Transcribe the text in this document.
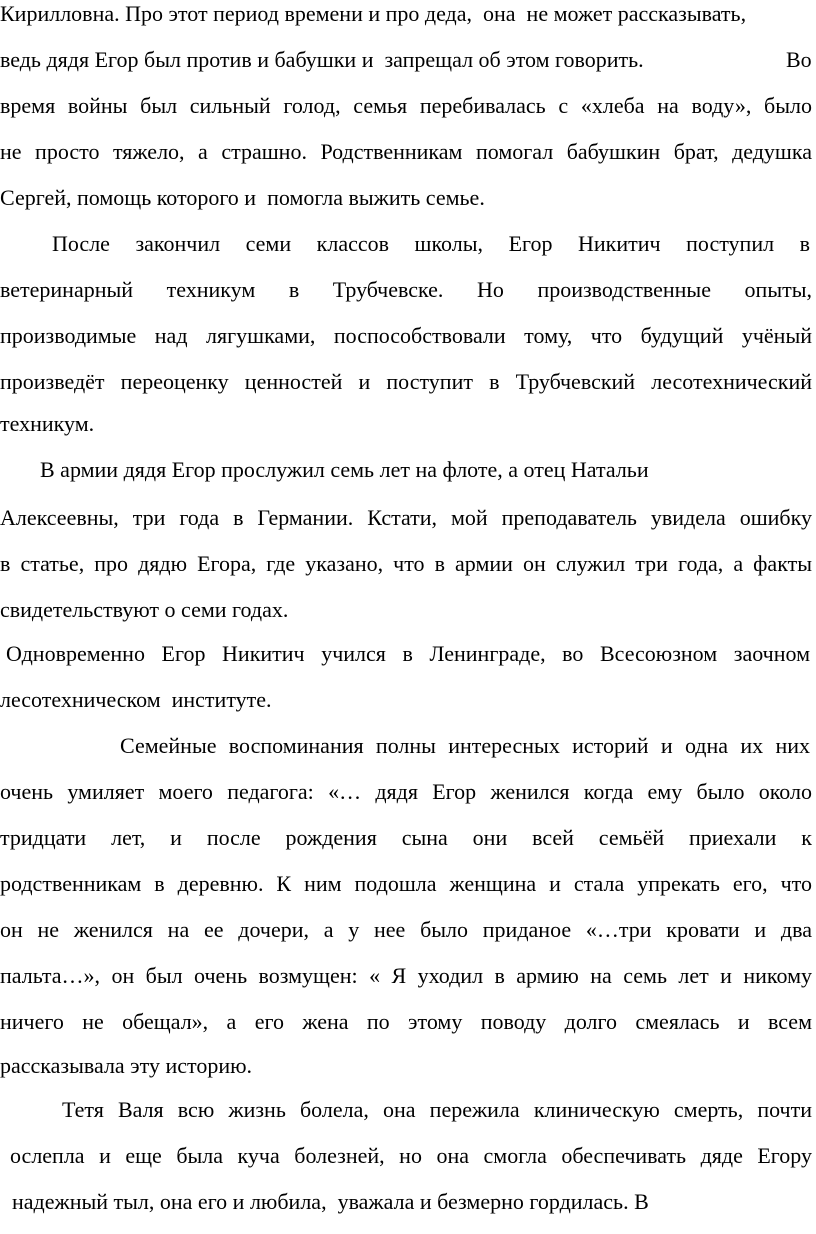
Кирилловна. Про этот период времени и про деда,  она  не может рассказывать,
ведь дядя Егор был против и бабушки и  запрещал об этом говорить.	Во
время войны был сильный голод, семья перебивалась с «хлеба на воду», было
не просто тяжело, а страшно. Родственникам помогал бабушкин брат, дедушка
Сергей, помощь которого и  помогла выжить семье.
После закончил семи классов школы, Егор Никитич поступил в
ветеринарный техникум в Трубчевске. Но производственные опыты,
производимые над лягушками, поспособствовали тому, что будущий учёный
произведёт переоценку ценностей и поступит в Трубчевский лесотехнический
техникум.
В армии дядя Егор прослужил семь лет на флоте, а отец Натальи
Алексеевны, три года в Германии. Кстати, мой преподаватель увидела ошибку
в статье, про дядю Егора, где указано, что в армии он служил три года, а факты
свидетельствуют о семи годах.
Одновременно Егор Никитич учился в Ленинграде, во Всесоюзном заочном
лесотехническом  институте.
Семейные воспоминания полны интересных историй и одна их них
очень умиляет моего педагога: «… дядя Егор женился когда ему было около
тридцати лет, и после рождения сына они всей семьёй приехали к
родственникам в деревню. К ним подошла женщина и стала упрекать его, что
он не женился на ее дочери, а у нее было приданое «…три кровати и два
пальта…», он был очень возмущен: « Я уходил в армию на семь лет и никому
ничего не обещал», а его жена по этому поводу долго смеялась и всем
рассказывала эту историю.
Тетя Валя всю жизнь болела, она пережила клиническую смерть, почти
ослепла и еще была куча болезней, но она смогла обеспечивать дяде Егору
надежный тыл, она его и любила,  уважала и безмерно гордилась. В
